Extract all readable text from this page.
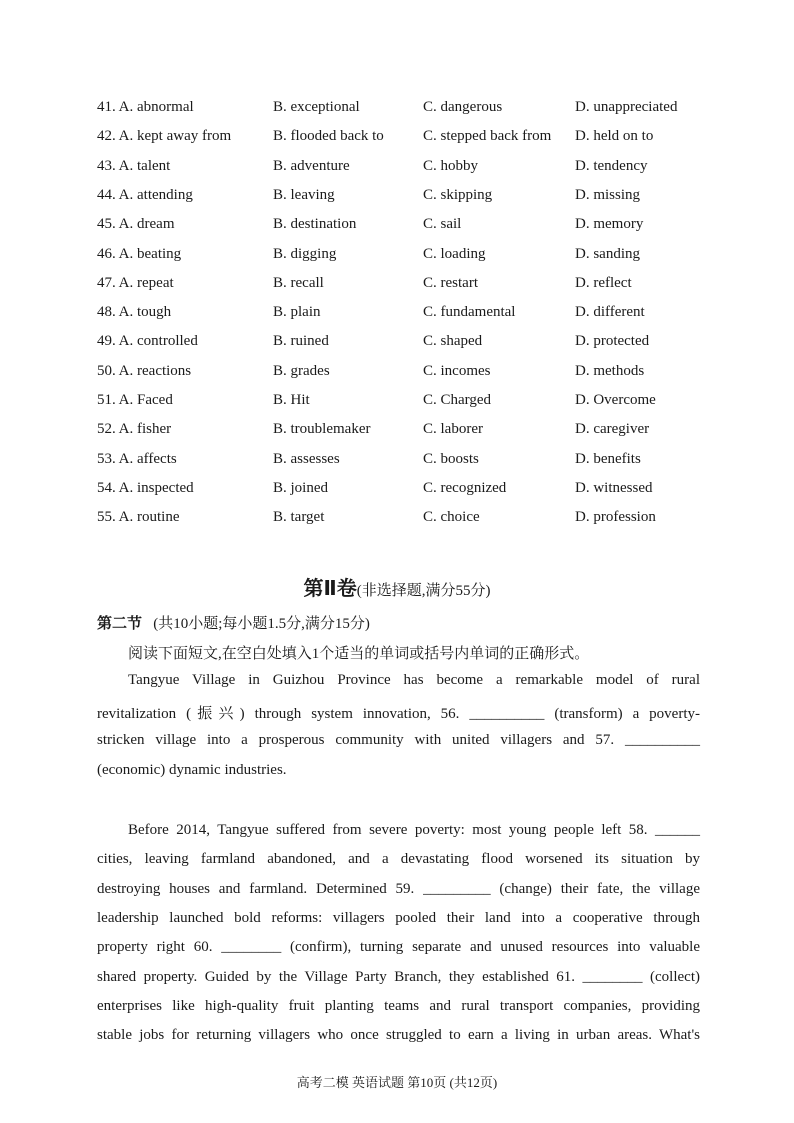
41. A. abnormal	B. exceptional	C. dangerous	D. unappreciated
42. A. kept away from	B. flooded back to	C. stepped back from D. held on to
43. A. talent	B. adventure	C. hobby	D. tendency
44. A. attending	B. leaving	C. skipping	D. missing
45. A. dream	B. destination	C. sail	D. memory
46. A. beating	B. digging	C. loading	D. sanding
47. A. repeat	B. recall	C. restart	D. reflect
48. A. tough	B. plain	C. fundamental	D. different
49. A. controlled	B. ruined	C. shaped	D. protected
50. A. reactions	B. grades	C. incomes	D. methods
51. A. Faced	B. Hit	C. Charged	D. Overcome
52. A. fisher	B. troublemaker	C. laborer	D. caregiver
53. A. affects	B. assesses	C. boosts	D. benefits
54. A. inspected	B. joined	C. recognized	D. witnessed
55. A. routine	B. target	C. choice	D. profession
第Ⅱ卷(非选择题,满分55分)
第二节 (共10小题;每小题1.5分,满分15分)
阅读下面短文,在空白处填入1个适当的单词或括号内单词的正确形式。
Tangyue Village in Guizhou Province has become a remarkable model of rural
revitalization (振兴) through system innovation, 56. __________ (transform) a poverty-
stricken village into a prosperous community with united villagers and 57. __________
(economic) dynamic industries.
Before 2014, Tangyue suffered from severe poverty: most young people left 58. ______
cities, leaving farmland abandoned, and a devastating flood worsened its situation by
destroying houses and farmland. Determined 59. _________ (change) their fate, the village
leadership launched bold reforms: villagers pooled their land into a cooperative through
property right 60. ________ (confirm), turning separate and unused resources into valuable
shared property. Guided by the Village Party Branch, they established 61. ________ (collect)
enterprises like high-quality fruit planting teams and rural transport companies, providing
stable jobs for returning villagers who once struggled to earn a living in urban areas. What's
高考二模 英语试题 第10页 (共12页)
